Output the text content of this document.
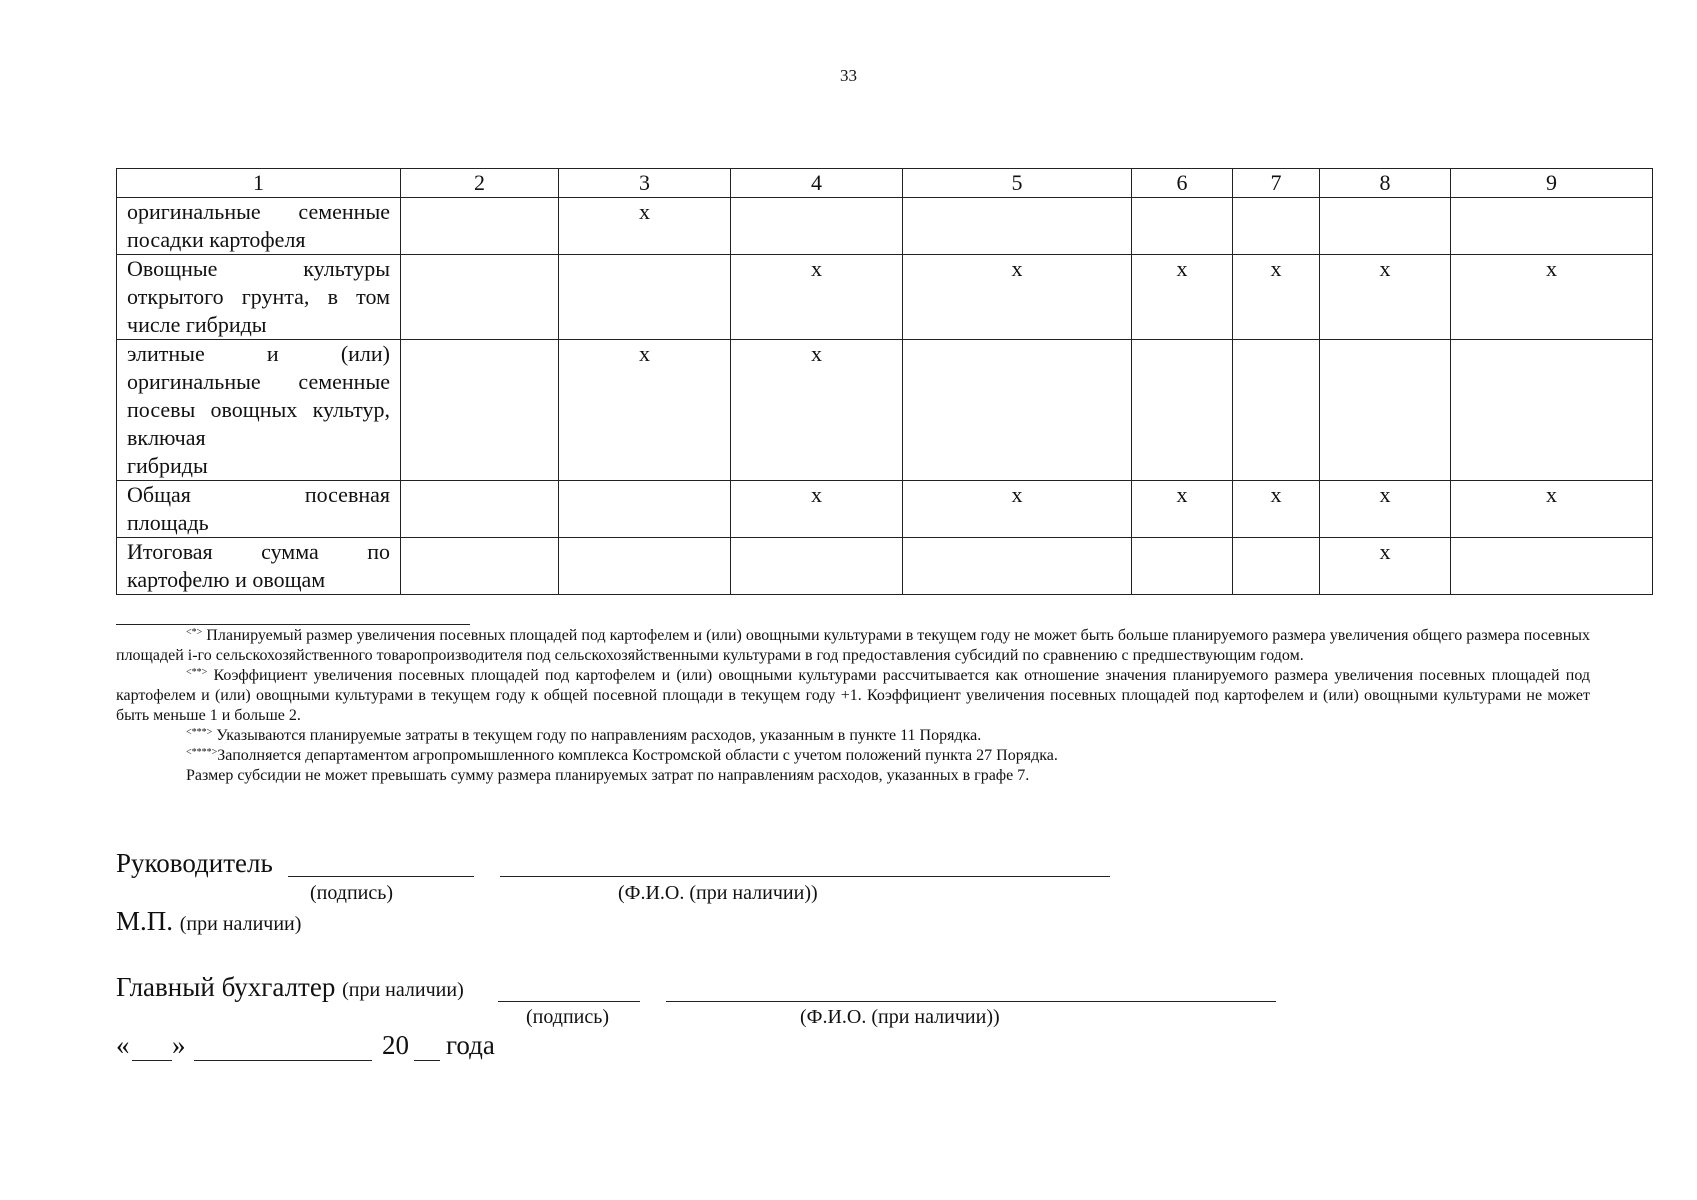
33
1	2	3	4	5	6	7	8	9
оригинальные семенные
посадки картофеля		х						
Овощные культуры открытого грунта, в том
числе гибриды			х	х	х	х	х	х
элитные и (или) оригинальные семенные посевы овощных культур, включая
гибриды		х	х					
Общая посевная
площадь			х	х	х	х	х	х
Итоговая сумма по
картофелю и овощам							х	

<*> Планируемый размер увеличения посевных площадей под картофелем и (или) овощными культурами в текущем году не может быть больше планируемого размера увеличения общего размера посевных площадей i-го сельскохозяйственного товаропроизводителя под сельскохозяйственными культурами в год предоставления субсидий по сравнению с предшествующим годом.

<**> Коэффициент увеличения посевных площадей под картофелем и (или) овощными культурами рассчитывается как отношение значения планируемого размера увеличения посевных площадей под картофелем и (или) овощными культурами в текущем году к общей посевной площади в текущем году +1. Коэффициент увеличения посевных площадей под картофелем и (или) овощными культурами не может быть меньше 1 и больше 2.

<***> Указываются планируемые затраты в текущем году по направлениям расходов, указанным в пункте 11 Порядка.

<****>Заполняется департаментом агропромышленного комплекса Костромской области с учетом положений пункта 27 Порядка.

Размер субсидии не может превышать сумму размера планируемых затрат по направлениям расходов, указанных в графе 7.

Руководитель
(подпись)	(Ф.И.О. (при наличии))
М.П. (при наличии)
Главный бухгалтер (при наличии)
(подпись)	(Ф.И.О. (при наличии))
« »	20 года
